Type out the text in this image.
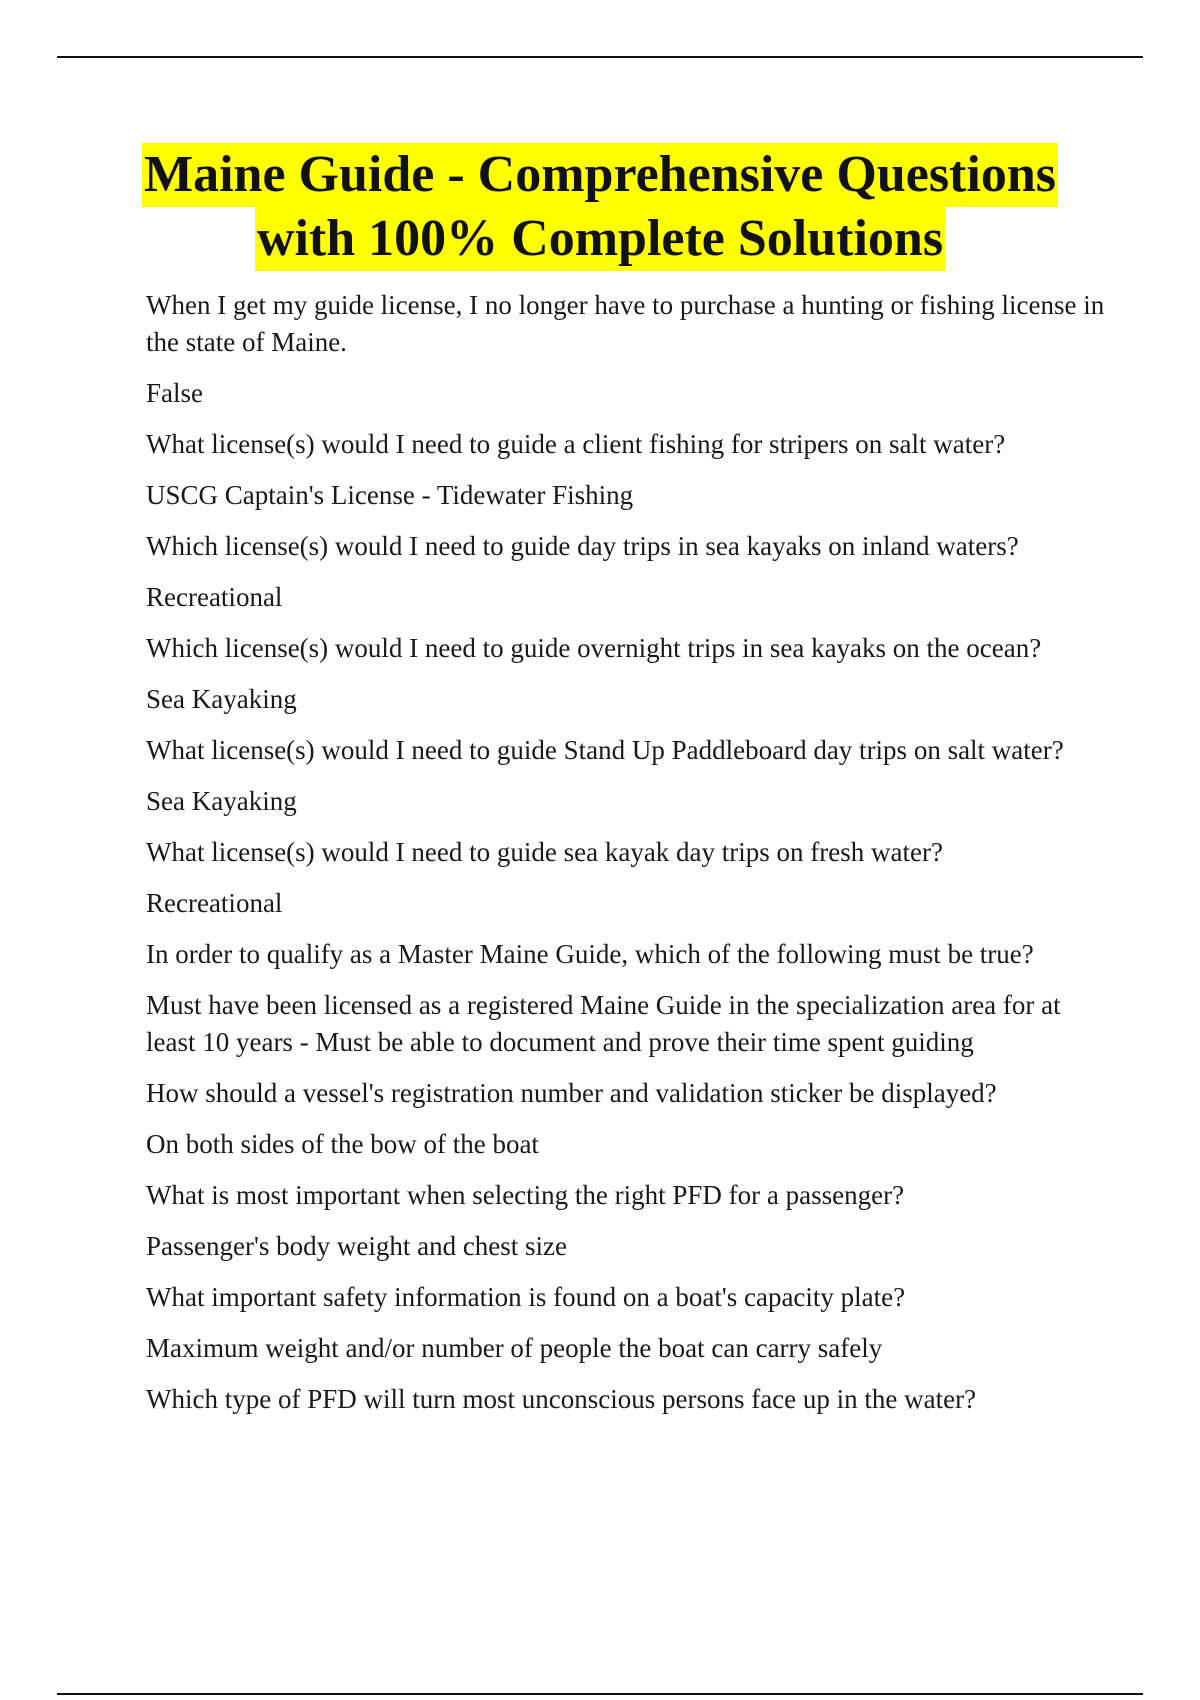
Maine Guide - Comprehensive Questions
with 100% Complete Solutions

When I get my guide license, I no longer have to purchase a hunting or fishing license in the state of Maine.

False

What license(s) would I need to guide a client fishing for stripers on salt water?

USCG Captain's License - Tidewater Fishing

Which license(s) would I need to guide day trips in sea kayaks on inland waters?

Recreational

Which license(s) would I need to guide overnight trips in sea kayaks on the ocean?

Sea Kayaking

What license(s) would I need to guide Stand Up Paddleboard day trips on salt water?

Sea Kayaking

What license(s) would I need to guide sea kayak day trips on fresh water?

Recreational

In order to qualify as a Master Maine Guide, which of the following must be true?

Must have been licensed as a registered Maine Guide in the specialization area for at least 10 years - Must be able to document and prove their time spent guiding

How should a vessel's registration number and validation sticker be displayed?

On both sides of the bow of the boat

What is most important when selecting the right PFD for a passenger?

Passenger's body weight and chest size

What important safety information is found on a boat's capacity plate?

Maximum weight and/or number of people the boat can carry safely

Which type of PFD will turn most unconscious persons face up in the water?
